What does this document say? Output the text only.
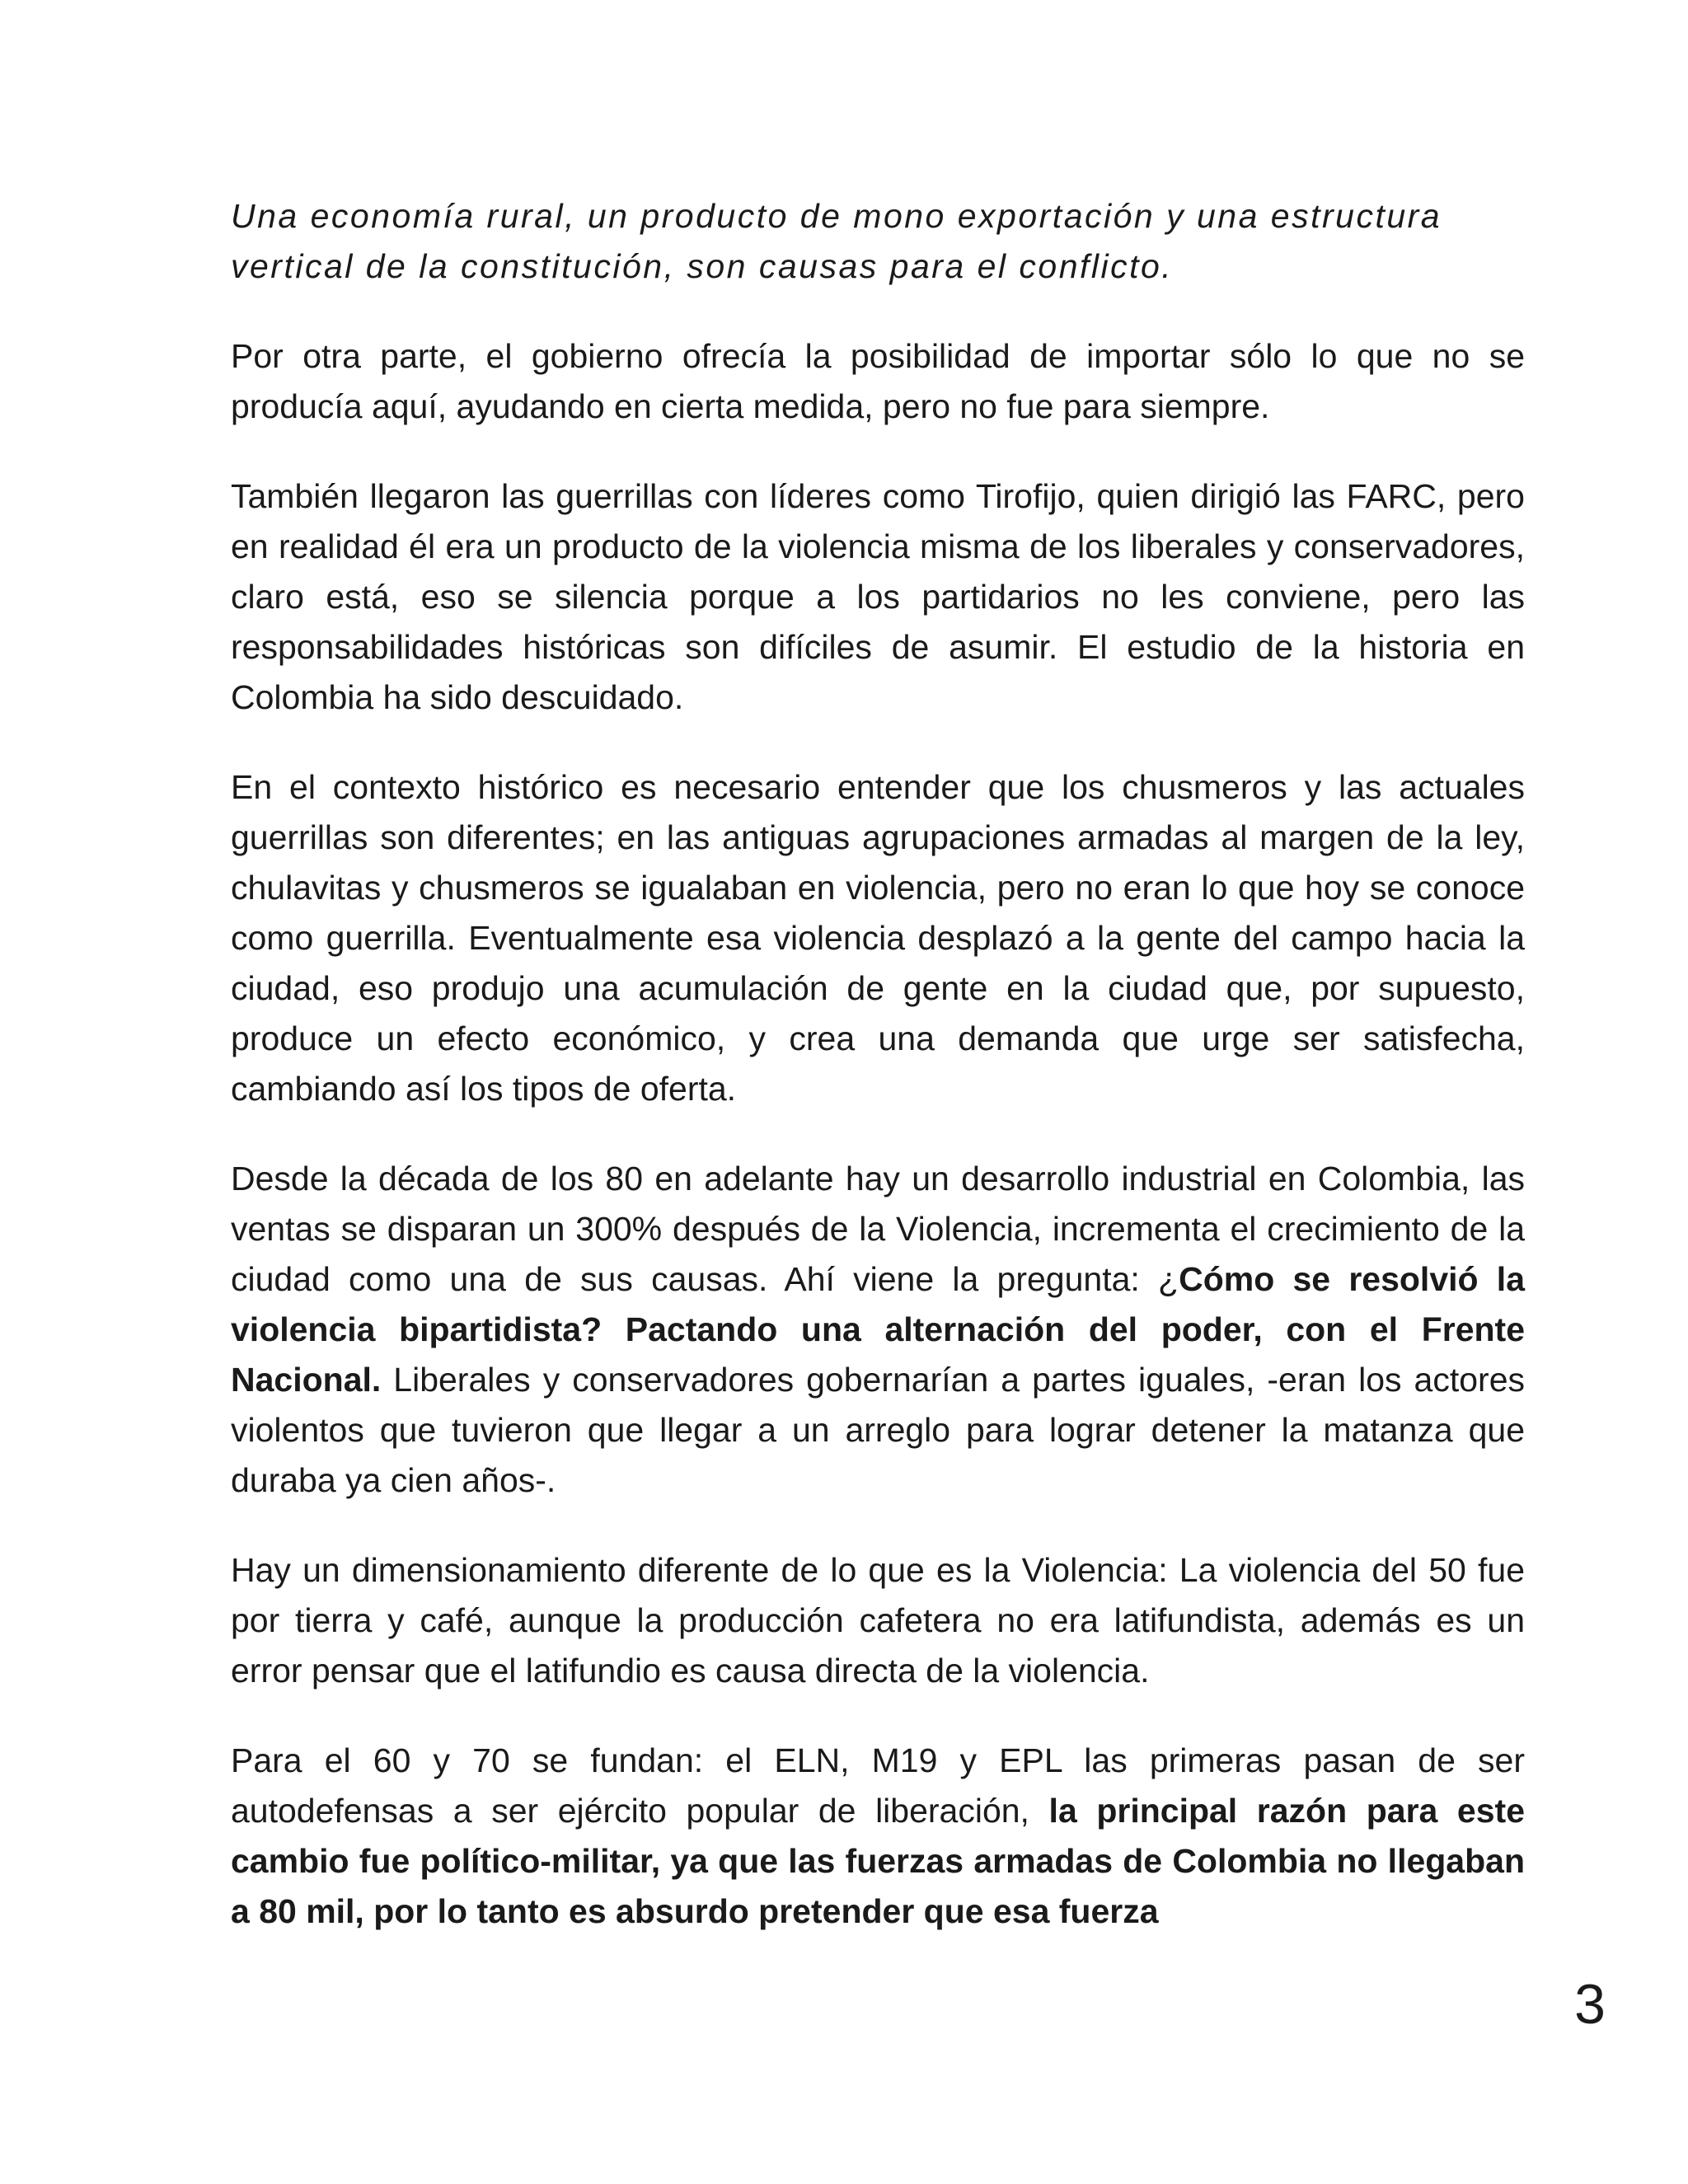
Una economía rural, un producto de mono exportación y una estructura vertical de la constitución, son causas para el conflicto.

Por otra parte, el gobierno ofrecía la posibilidad de importar sólo lo que no se producía aquí, ayudando en cierta medida, pero no fue para siempre.

También llegaron las guerrillas con líderes como Tirofijo, quien dirigió las FARC, pero en realidad él era un producto de la violencia misma de los liberales y conservadores, claro está, eso se silencia porque a los partidarios no les conviene, pero las responsabilidades históricas son difíciles de asumir. El estudio de la historia en Colombia ha sido descuidado.

En el contexto histórico es necesario entender que los chusmeros y las actuales guerrillas son diferentes; en las antiguas agrupaciones armadas al margen de la ley, chulavitas y chusmeros se igualaban en violencia, pero no eran lo que hoy se conoce como guerrilla. Eventualmente esa violencia desplazó a la gente del campo hacia la ciudad, eso produjo una acumulación de gente en la ciudad que, por supuesto, produce un efecto económico, y crea una demanda que urge ser satisfecha, cambiando así los tipos de oferta.

Desde la década de los 80 en adelante hay un desarrollo industrial en Colombia, las ventas se disparan un 300% después de la Violencia, incrementa el crecimiento de la ciudad como una de sus causas. Ahí viene la pregunta: ¿Cómo se resolvió la violencia bipartidista? Pactando una alternación del poder, con el Frente Nacional. Liberales y conservadores gobernarían a partes iguales, -eran los actores violentos que tuvieron que llegar a un arreglo para lograr detener la matanza que duraba ya cien años-.

Hay un dimensionamiento diferente de lo que es la Violencia: La violencia del 50 fue por tierra y café, aunque la producción cafetera no era latifundista, además es un error pensar que el latifundio es causa directa de la violencia.

Para el 60 y 70 se fundan: el ELN, M19 y EPL las primeras pasan de ser autodefensas a ser ejército popular de liberación, la principal razón para este cambio fue político-militar, ya que las fuerzas armadas de Colombia no llegaban a 80 mil, por lo tanto es absurdo pretender que esa fuerza

3
